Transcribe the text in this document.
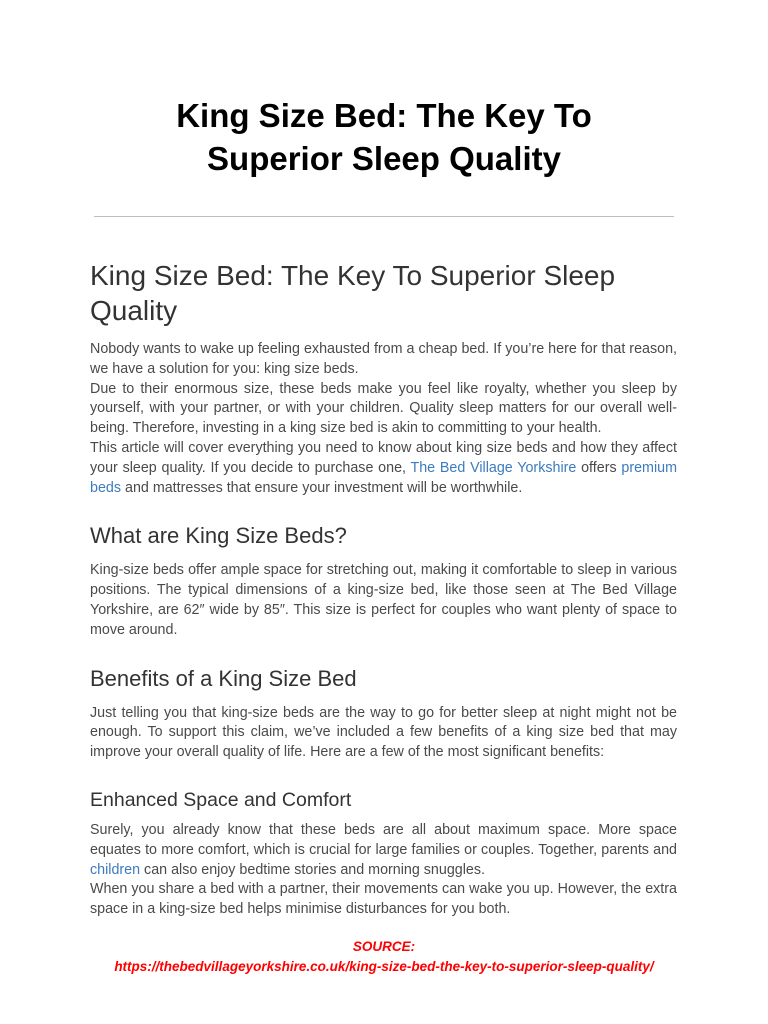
King Size Bed: The Key To
Superior Sleep Quality
King Size Bed: The Key To Superior Sleep Quality

Nobody wants to wake up feeling exhausted from a cheap bed. If you’re here for that reason, we have a solution for you: king size beds.

Due to their enormous size, these beds make you feel like royalty, whether you sleep by yourself, with your partner, or with your children. Quality sleep matters for our overall well-being. Therefore, investing in a king size bed is akin to committing to your health.

This article will cover everything you need to know about king size beds and how they affect your sleep quality. If you decide to purchase one, The Bed Village Yorkshire offers premium beds and mattresses that ensure your investment will be worthwhile.

What are King Size Beds?

King-size beds offer ample space for stretching out, making it comfortable to sleep in various positions. The typical dimensions of a king-size bed, like those seen at The Bed Village Yorkshire, are 62″ wide by 85″. This size is perfect for couples who want plenty of space to move around.

Benefits of a King Size Bed

Just telling you that king-size beds are the way to go for better sleep at night might not be enough. To support this claim, we’ve included a few benefits of a king size bed that may improve your overall quality of life. Here are a few of the most significant benefits:

Enhanced Space and Comfort

Surely, you already know that these beds are all about maximum space. More space equates to more comfort, which is crucial for large families or couples. Together, parents and children can also enjoy bedtime stories and morning snuggles.

When you share a bed with a partner, their movements can wake you up. However, the extra space in a king-size bed helps minimise disturbances for you both.

SOURCE:
https://thebedvillageyorkshire.co.uk/king-size-bed-the-key-to-superior-sleep-quality/
